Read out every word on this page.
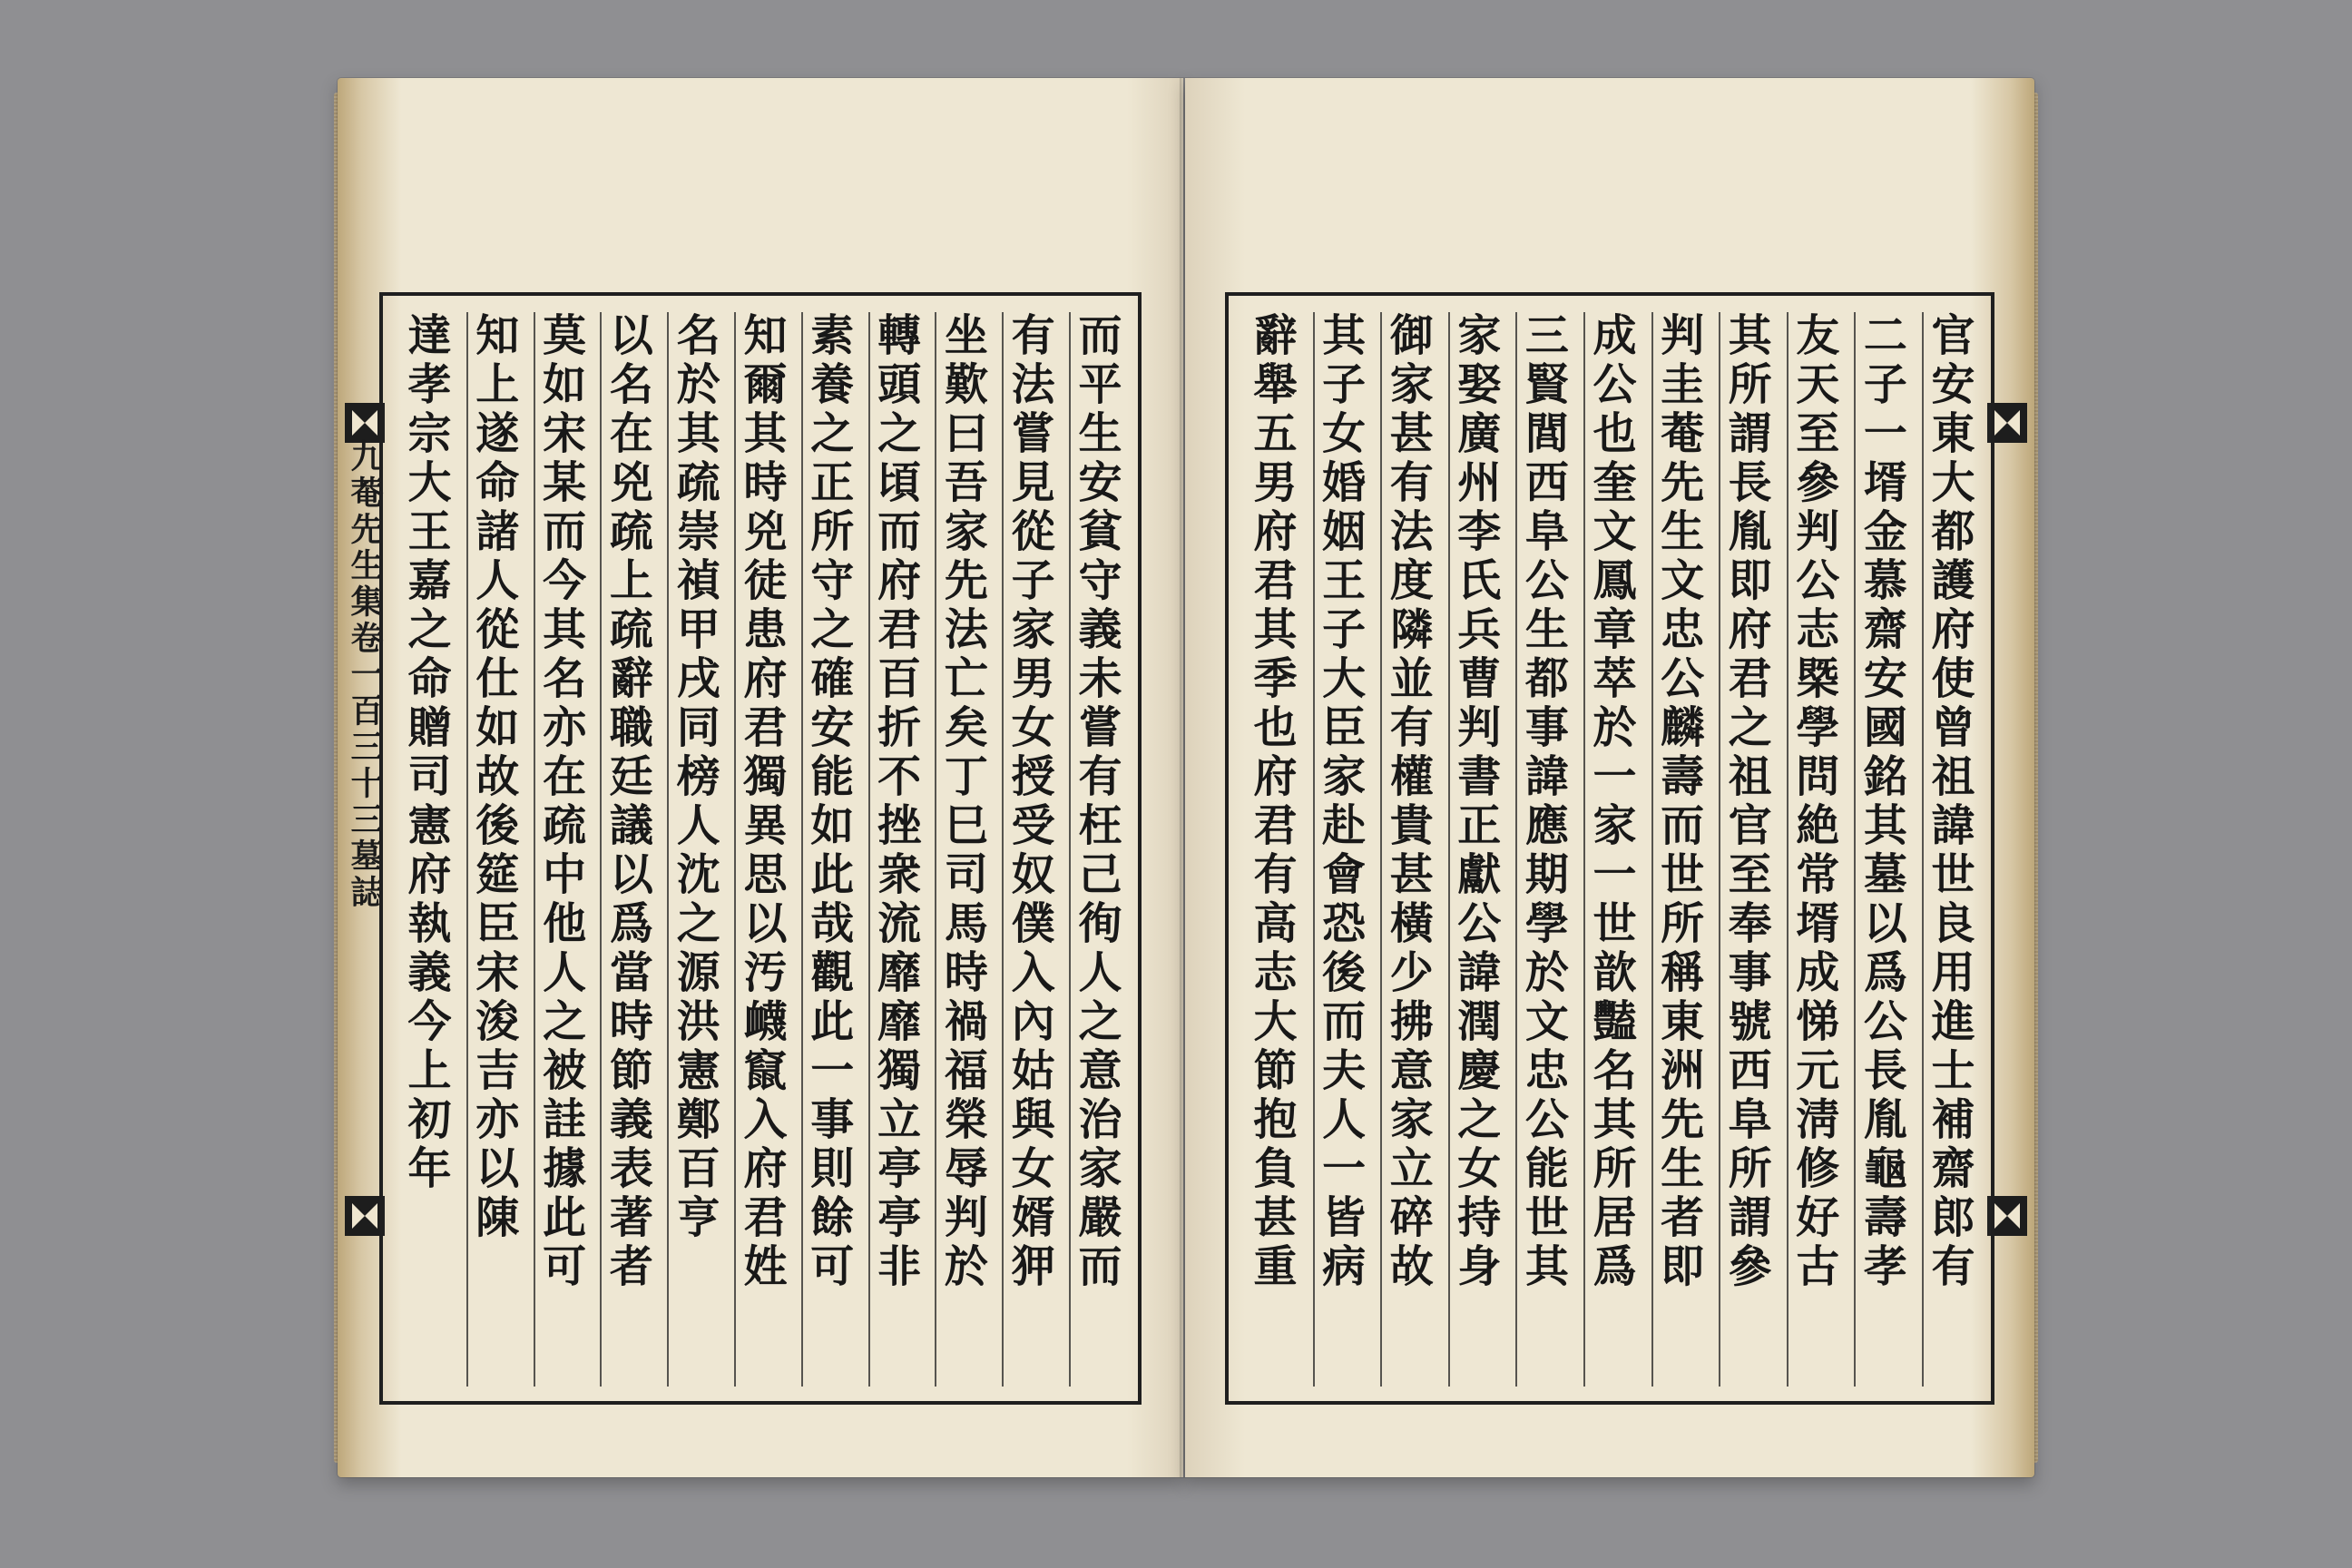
九菴先生集卷一百三十三墓誌	而平生安貧守義未嘗有枉己徇人之意治家嚴而
有法嘗見從子家男女授受奴僕入內姑與女婿狎
坐歎曰吾家先法亡矣丁巳司馬時禍福榮辱判於
轉頭之頃而府君百折不挫衆流靡靡獨立亭亭非
素養之正所守之確安能如此哉觀此一事則餘可
知爾其時兇徒患府君獨異思以汚衊竄入府君姓
名於其疏崇禎甲戌同榜人沈之源洪憲鄭百亨
以名在兇疏上疏辭職廷議以爲當時節義表著者
莫如宋某而今其名亦在疏中他人之被詿據此可
知上遂命諸人從仕如故後筵臣宋浚吉亦以陳
達孝宗大王嘉之命贈司憲府執義今上初年	官安東大都護府使曾祖諱世良用進士補齋郎有
二子一壻金慕齋安國銘其墓以爲公長胤龜壽孝
友天至參判公志槩學問絶常壻成悌元淸修好古
其所謂長胤即府君之祖官至奉事號西阜所謂參
判圭菴先生文忠公麟壽而世所稱東洲先生者即
成公也奎文鳳章萃於一家一世歆豔名其所居爲
三賢閭西阜公生都事諱應期學於文忠公能世其
家娶廣州李氏兵曹判書正獻公諱潤慶之女持身
御家甚有法度隣並有權貴甚橫少拂意家立碎故
其子女婚姻王子大臣家赴會恐後而夫人一皆病
辭舉五男府君其季也府君有高志大節抱負甚重
